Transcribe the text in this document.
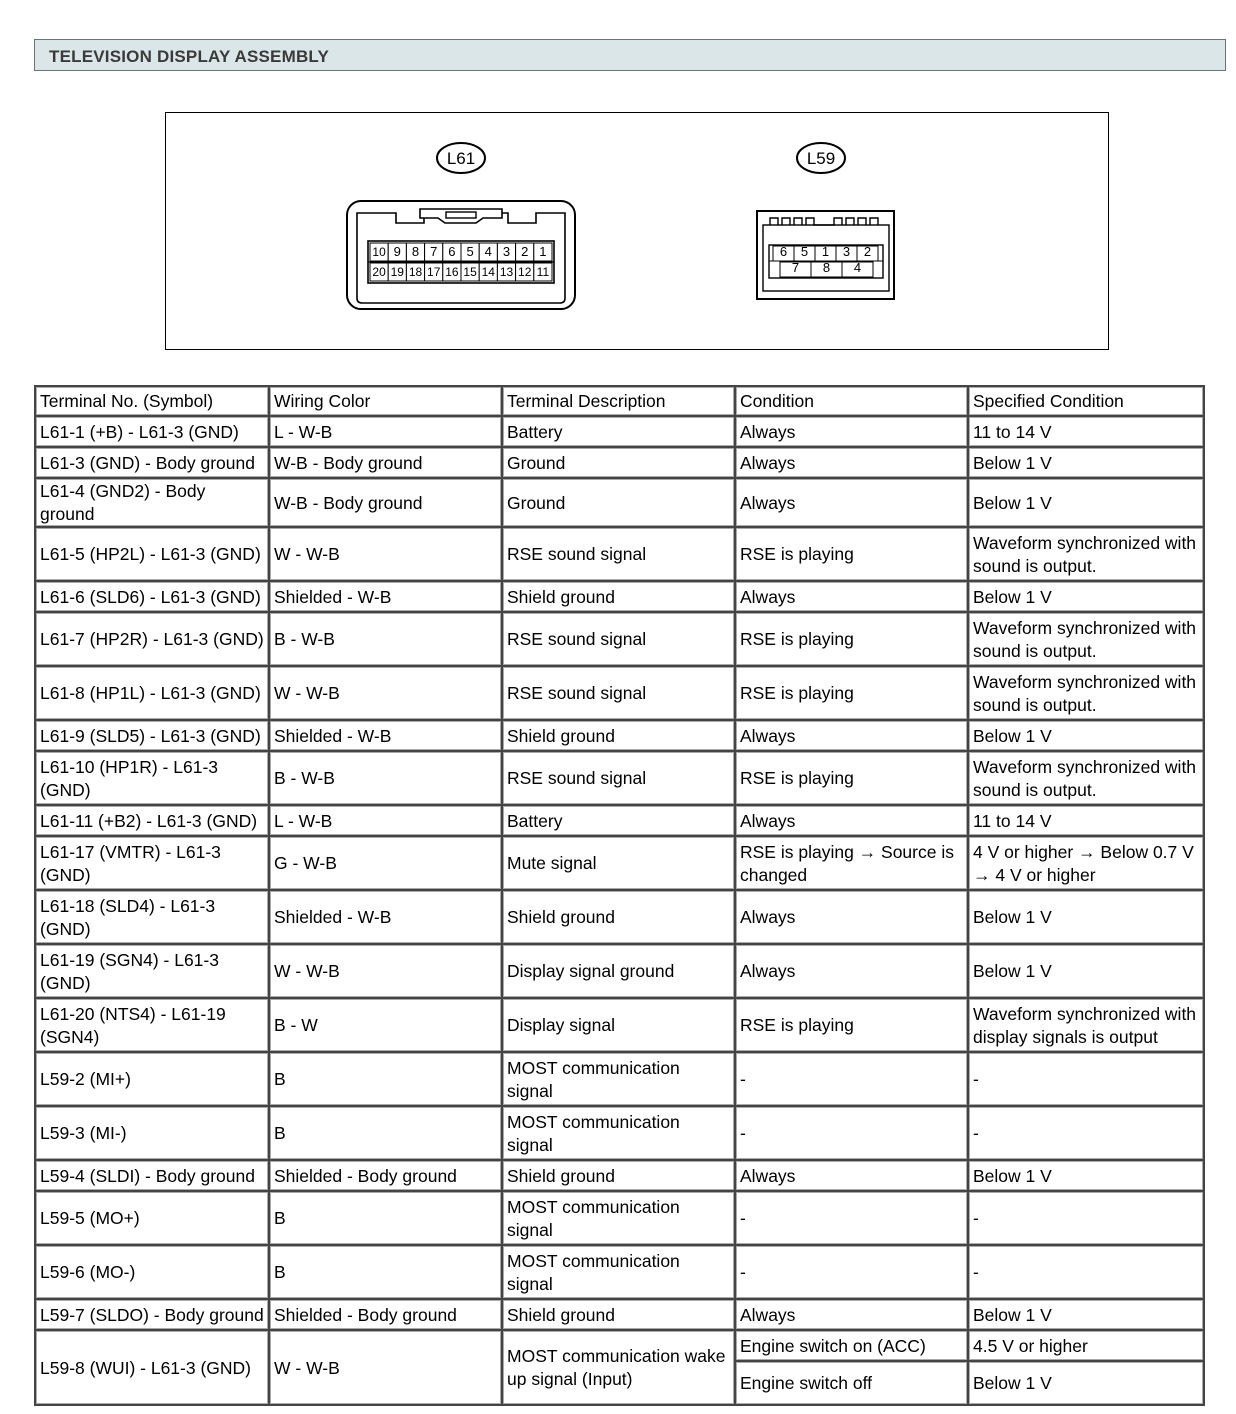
TELEVISION DISPLAY ASSEMBLY
L61	L59
10 9 8 7 6 5 4 3 2 1
20 19 18 17 16 15 14 13 12 11
6 5 1 3 2
7 8 4
Terminal No. (Symbol)	Wiring Color	Terminal Description	Condition	Specified Condition
L61-1 (+B) - L61-3 (GND)	L - W-B	Battery	Always	11 to 14 V
L61-3 (GND) - Body ground	W-B - Body ground	Ground	Always	Below 1 V
L61-4 (GND2) - Body ground	W-B - Body ground	Ground	Always	Below 1 V
L61-5 (HP2L) - L61-3 (GND)	W - W-B	RSE sound signal	RSE is playing	Waveform synchronized with sound is output.
L61-6 (SLD6) - L61-3 (GND)	Shielded - W-B	Shield ground	Always	Below 1 V
L61-7 (HP2R) - L61-3 (GND)	B - W-B	RSE sound signal	RSE is playing	Waveform synchronized with sound is output.
L61-8 (HP1L) - L61-3 (GND)	W - W-B	RSE sound signal	RSE is playing	Waveform synchronized with sound is output.
L61-9 (SLD5) - L61-3 (GND)	Shielded - W-B	Shield ground	Always	Below 1 V
L61-10 (HP1R) - L61-3 (GND)	B - W-B	RSE sound signal	RSE is playing	Waveform synchronized with sound is output.
L61-11 (+B2) - L61-3 (GND)	L - W-B	Battery	Always	11 to 14 V
L61-17 (VMTR) - L61-3 (GND)	G - W-B	Mute signal	RSE is playing → Source is changed	4 V or higher → Below 0.7 V → 4 V or higher
L61-18 (SLD4) - L61-3 (GND)	Shielded - W-B	Shield ground	Always	Below 1 V
L61-19 (SGN4) - L61-3 (GND)	W - W-B	Display signal ground	Always	Below 1 V
L61-20 (NTS4) - L61-19 (SGN4)	B - W	Display signal	RSE is playing	Waveform synchronized with display signals is output
L59-2 (MI+)	B	MOST communication signal	-	-
L59-3 (MI-)	B	MOST communication signal	-	-
L59-4 (SLDI) - Body ground	Shielded - Body ground	Shield ground	Always	Below 1 V
L59-5 (MO+)	B	MOST communication signal	-	-
L59-6 (MO-)	B	MOST communication signal	-	-
L59-7 (SLDO) - Body ground	Shielded - Body ground	Shield ground	Always	Below 1 V
L59-8 (WUI) - L61-3 (GND)	W - W-B	MOST communication wake up signal (Input)	Engine switch on (ACC)	4.5 V or higher
			Engine switch off	Below 1 V
